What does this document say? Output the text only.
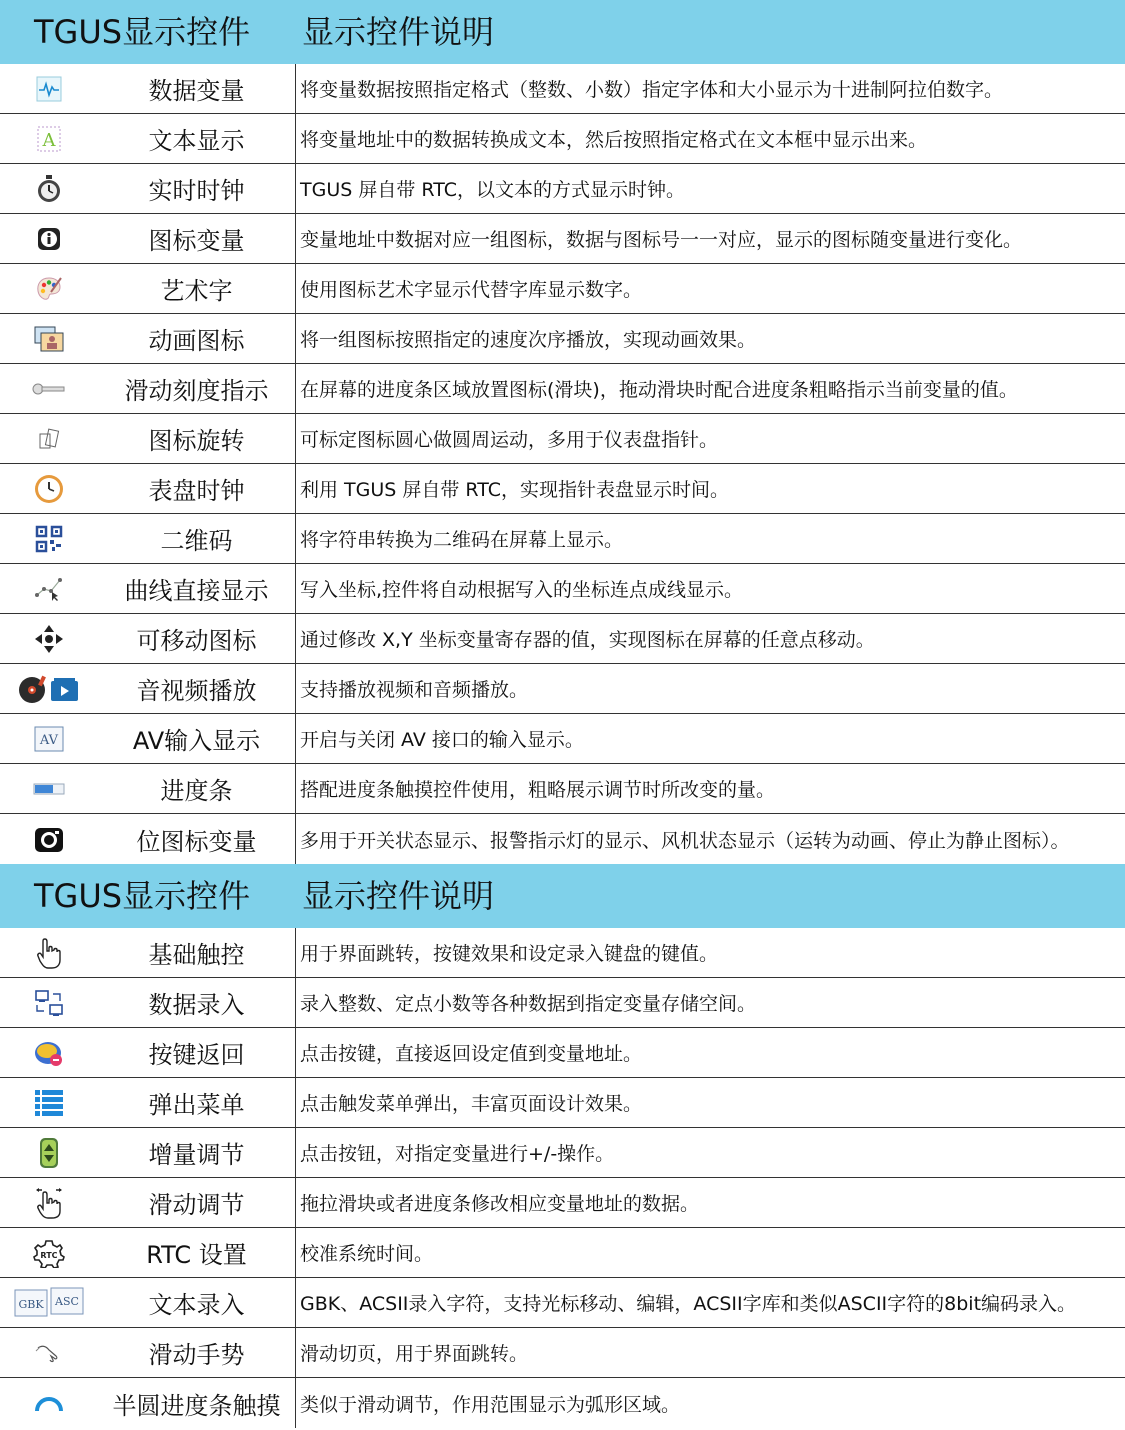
TGUS显示控件	显示控件说明
数据变量	将变量数据按照指定格式（整数、小数）指定字体和大小显示为十进制阿拉伯数字。
A	文本显示	将变量地址中的数据转换成文本，然后按照指定格式在文本框中显示出来。
实时时钟	TGUS 屏自带 RTC，以文本的方式显示时钟。
图标变量	变量地址中数据对应一组图标，数据与图标号一一对应，显示的图标随变量进行变化。
艺术字	使用图标艺术字显示代替字库显示数字。
动画图标	将一组图标按照指定的速度次序播放，实现动画效果。
滑动刻度指示	在屏幕的进度条区域放置图标(滑块)，拖动滑块时配合进度条粗略指示当前变量的值。
图标旋转	可标定图标圆心做圆周运动，多用于仪表盘指针。
表盘时钟	利用 TGUS 屏自带 RTC，实现指针表盘显示时间。
二维码	将字符串转换为二维码在屏幕上显示。
曲线直接显示	写入坐标,控件将自动根据写入的坐标连点成线显示。
可移动图标	通过修改 X,Y 坐标变量寄存器的值，实现图标在屏幕的任意点移动。
音视频播放	支持播放视频和音频播放。
AV	AV输入显示	开启与关闭 AV 接口的输入显示。
进度条	搭配进度条触摸控件使用，粗略展示调节时所改变的量。
位图标变量	多用于开关状态显示、报警指示灯的显示、风机状态显示（运转为动画、停止为静止图标）。
TGUS显示控件	显示控件说明
基础触控	用于界面跳转，按键效果和设定录入键盘的键值。
数据录入	录入整数、定点小数等各种数据到指定变量存储空间。
按键返回	点击按键，直接返回设定值到变量地址。
弹出菜单	点击触发菜单弹出，丰富页面设计效果。
增量调节	点击按钮，对指定变量进行+/-操作。
滑动调节	拖拉滑块或者进度条修改相应变量地址的数据。
RTC	RTC 设置	校准系统时间。
GBK ASC	文本录入	GBK、ACSII录入字符，支持光标移动、编辑，ACSII字库和类似ASCII字符的8bit编码录入。
滑动手势	滑动切页，用于界面跳转。
半圆进度条触摸	类似于滑动调节，作用范围显示为弧形区域。
